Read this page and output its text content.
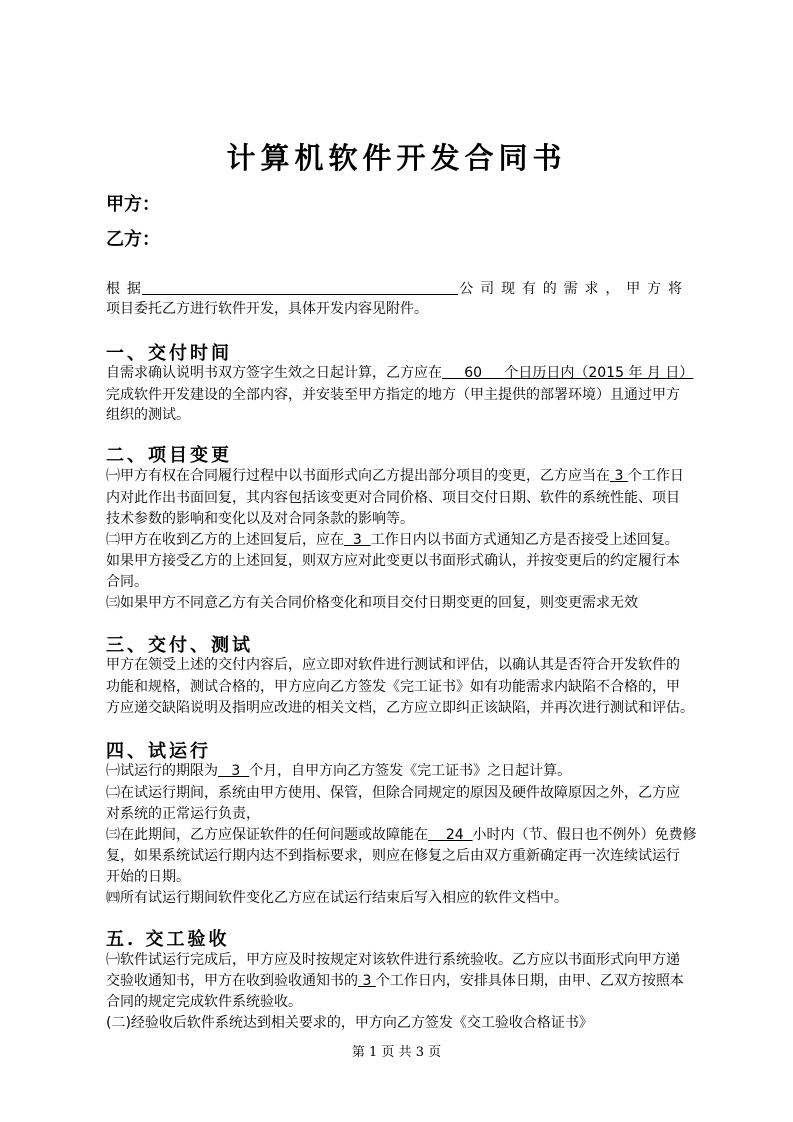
计算机软件开发合同书
甲方：
乙方：
根 据	公 司 现 有 的 需 求 ， 甲 方 将
项目委托乙方进行软件开发，具体开发内容见附件。
一、交付时间
自需求确认说明书双方签字生效之日起计算，乙方应在 60 个日历日内（2015 年 月 日）
完成软件开发建设的全部内容，并安装至甲方指定的地方（甲主提供的部署环境）且通过甲方
组织的测试。
二、项目变更
㈠甲方有权在合同履行过程中以书面形式向乙方提出部分项目的变更，乙方应当在 3 个工作日
内对此作出书面回复，其内容包括该变更对合同价格、项目交付日期、软件的系统性能、项目
技术参数的影响和变化以及对合同条款的影响等。
㈡甲方在收到乙方的上述回复后，应在 3 工作日内以书面方式通知乙方是否接受上述回复。
如果甲方接受乙方的上述回复，则双方应对此变更以书面形式确认，并按变更后的约定履行本
合同。
㈢如果甲方不同意乙方有关合同价格变化和项目交付日期变更的回复，则变更需求无效
三、交付、测试
甲方在领受上述的交付内容后，应立即对软件进行测试和评估，以确认其是否符合开发软件的
功能和规格，测试合格的，甲方应向乙方签发《完工证书》如有功能需求内缺陷不合格的，甲
方应递交缺陷说明及指明应改进的相关文档，乙方应立即纠正该缺陷，并再次进行测试和评估。
四、试运行
㈠试运行的期限为 3 个月，自甲方向乙方签发《完工证书》之日起计算。
㈡在试运行期间，系统由甲方使用、保管，但除合同规定的原因及硬件故障原因之外，乙方应
对系统的正常运行负责，
㈢在此期间，乙方应保证软件的任何问题或故障能在 24 小时内（节、假日也不例外）免费修
复，如果系统试运行期内达不到指标要求，则应在修复之后由双方重新确定再一次连续试运行
开始的日期。
㈣所有试运行期间软件变化乙方应在试运行结束后写入相应的软件文档中。
五. 交工验收
㈠软件试运行完成后，甲方应及时按规定对该软件进行系统验收。乙方应以书面形式向甲方递
交验收通知书，甲方在收到验收通知书的 3 个工作日内，安排具体日期，由甲、乙双方按照本
合同的规定完成软件系统验收。
(二)经验收后软件系统达到相关要求的，甲方向乙方签发《交工验收合格证书》
第 1 页 共 3 页
